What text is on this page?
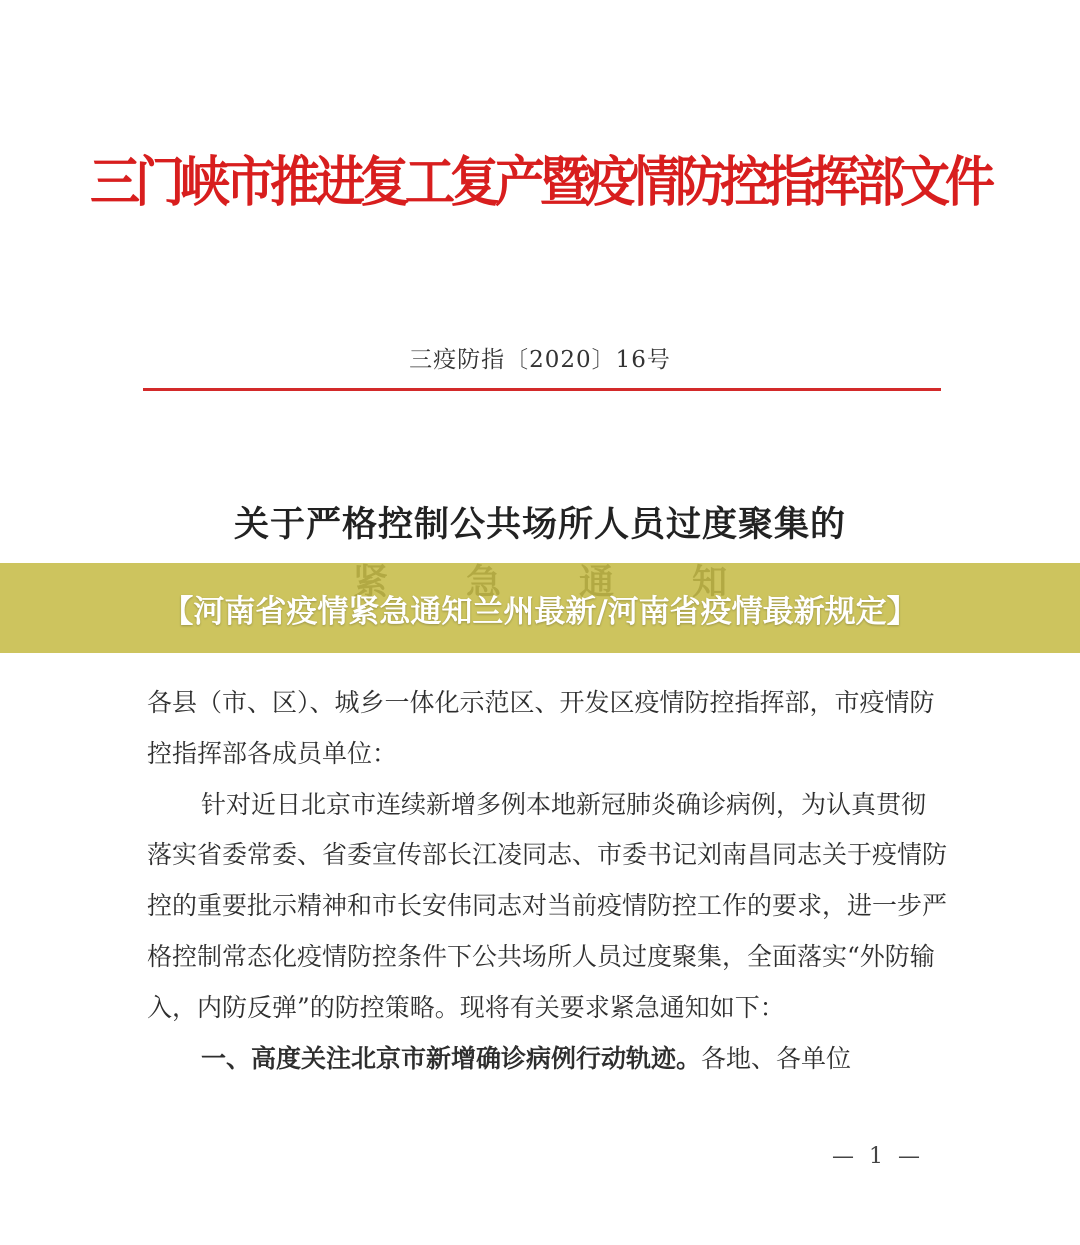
三门峡市推进复工复产暨疫情防控指挥部文件
三疫防指〔2020〕16号
关于严格控制公共场所人员过度聚集的

各县（市、区）、城乡一体化示范区、开发区疫情防控指挥部，市疫情防控指挥部各成员单位：

针对近日北京市连续新增多例本地新冠肺炎确诊病例，为认真贯彻落实省委常委、省委宣传部长江凌同志、市委书记刘南昌同志关于疫情防控的重要批示精神和市长安伟同志对当前疫情防控工作的要求，进一步严格控制常态化疫情防控条件下公共场所人员过度聚集，全面落实“外防输入，内防反弹”的防控策略。现将有关要求紧急通知如下：

一、高度关注北京市新增确诊病例行动轨迹。各地、各单位

— 1 —
【河南省疫情紧急通知兰州最新/河南省疫情最新规定】
